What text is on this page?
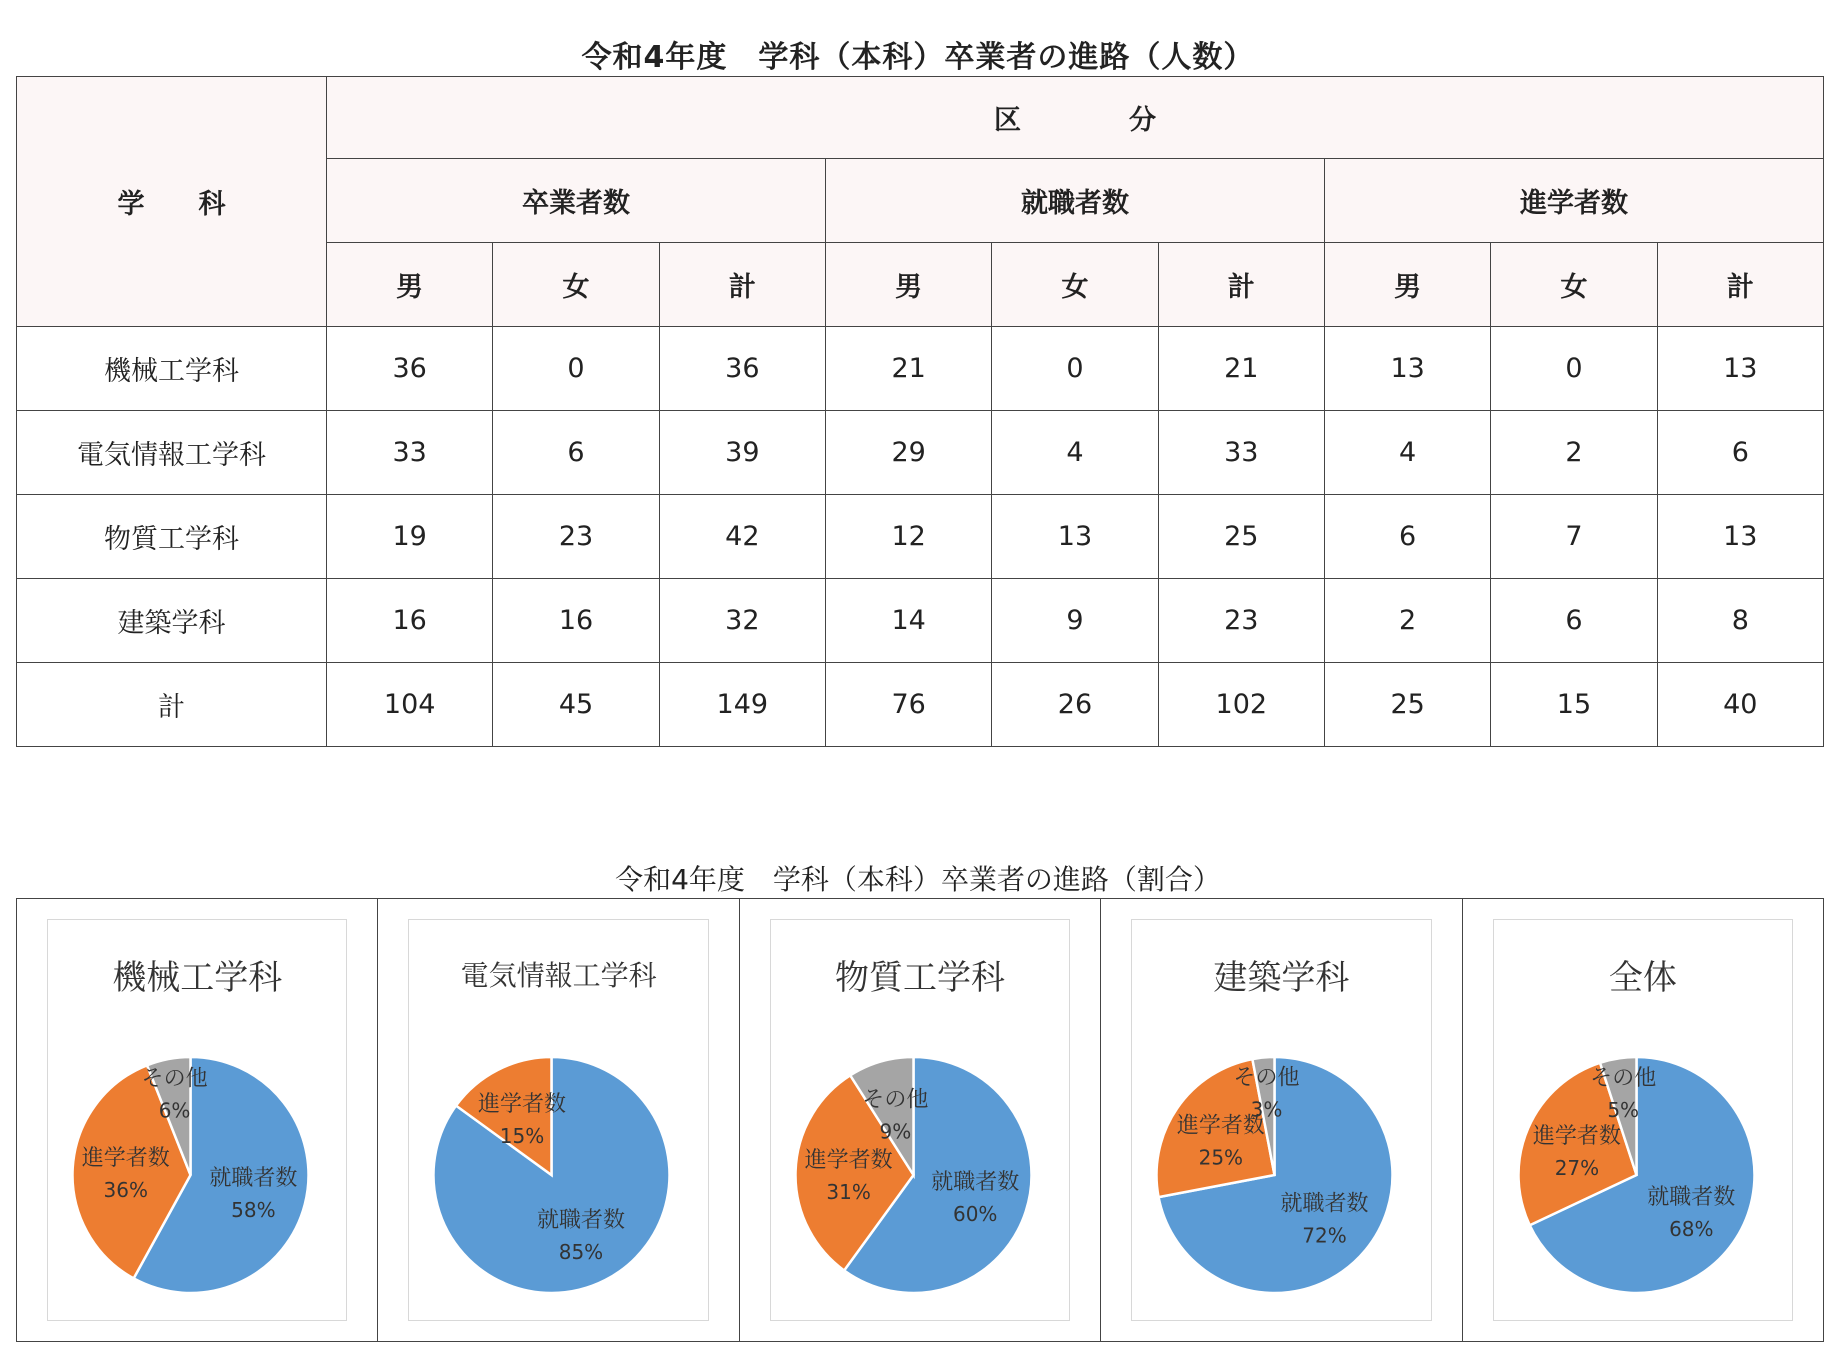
令和4年度　学科（本科）卒業者の進路（人数）
学　　科	区　　　　分								
	卒業者数			就職者数			進学者数		
	男	女	計	男	女	計	男	女	計
機械工学科	36	0	36	21	0	21	13	0	13
電気情報工学科	33	6	39	29	4	33	4	2	6
物質工学科	19	23	42	12	13	25	6	7	13
建築学科	16	16	32	14	9	23	2	6	8
計	104	45	149	76	26	102	25	15	40
令和4年度　学科（本科）卒業者の進路（割合）
機械工学科
就職者数
58%
進学者数
36%
その他
6%
電気情報工学科
就職者数
85%
進学者数
15%
物質工学科
就職者数
60%
進学者数
31%
その他
9%
建築学科
就職者数
72%
進学者数
25%
その他
3%
全体
就職者数
68%
進学者数
27%
その他
5%
